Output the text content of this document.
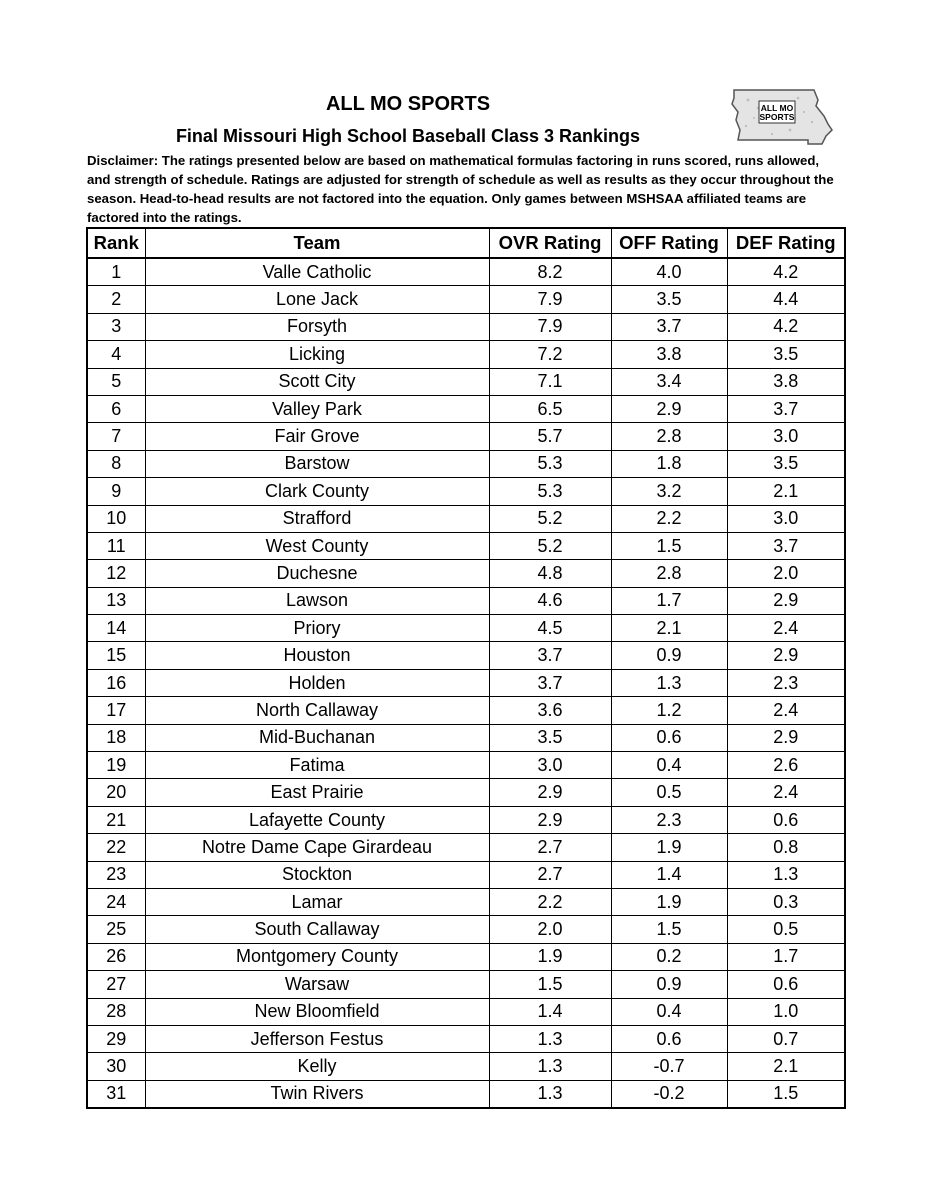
ALL MO SPORTS
Final Missouri High School Baseball Class 3 Rankings
ALL MO
SPORTS
Disclaimer: The ratings presented below are based on mathematical formulas factoring in runs scored, runs allowed, and strength of schedule. Ratings are adjusted for strength of schedule as well as results as they occur throughout the season. Head-to-head results are not factored into the equation. Only games between MSHSAA affiliated teams are factored into the ratings.
Rank	Team	OVR Rating	OFF Rating	DEF Rating
1	Valle Catholic	8.2	4.0	4.2
2	Lone Jack	7.9	3.5	4.4
3	Forsyth	7.9	3.7	4.2
4	Licking	7.2	3.8	3.5
5	Scott City	7.1	3.4	3.8
6	Valley Park	6.5	2.9	3.7
7	Fair Grove	5.7	2.8	3.0
8	Barstow	5.3	1.8	3.5
9	Clark County	5.3	3.2	2.1
10	Strafford	5.2	2.2	3.0
11	West County	5.2	1.5	3.7
12	Duchesne	4.8	2.8	2.0
13	Lawson	4.6	1.7	2.9
14	Priory	4.5	2.1	2.4
15	Houston	3.7	0.9	2.9
16	Holden	3.7	1.3	2.3
17	North Callaway	3.6	1.2	2.4
18	Mid-Buchanan	3.5	0.6	2.9
19	Fatima	3.0	0.4	2.6
20	East Prairie	2.9	0.5	2.4
21	Lafayette County	2.9	2.3	0.6
22	Notre Dame Cape Girardeau	2.7	1.9	0.8
23	Stockton	2.7	1.4	1.3
24	Lamar	2.2	1.9	0.3
25	South Callaway	2.0	1.5	0.5
26	Montgomery County	1.9	0.2	1.7
27	Warsaw	1.5	0.9	0.6
28	New Bloomfield	1.4	0.4	1.0
29	Jefferson Festus	1.3	0.6	0.7
30	Kelly	1.3	-0.7	2.1
31	Twin Rivers	1.3	-0.2	1.5
